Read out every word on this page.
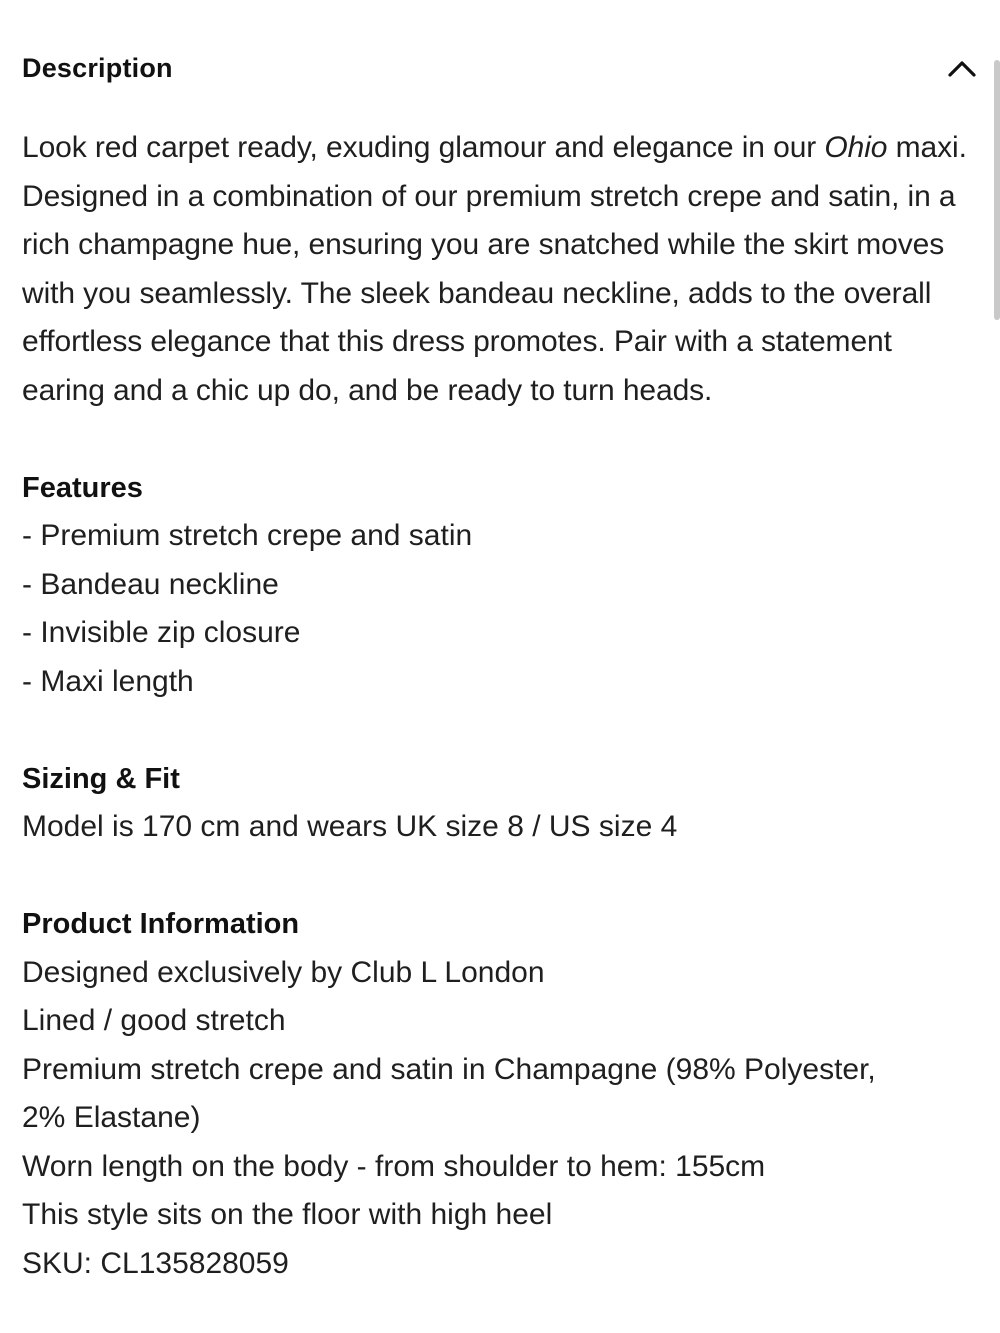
Description

Look red carpet ready, exuding glamour and elegance in our Ohio maxi. Designed in a combination of our premium stretch crepe and satin, in a rich champagne hue, ensuring you are snatched while the skirt moves with you seamlessly. The sleek bandeau neckline, adds to the overall effortless elegance that this dress promotes. Pair with a statement earing and a chic up do, and be ready to turn heads.

Features

- Premium stretch crepe and satin

- Bandeau neckline

- Invisible zip closure

- Maxi length

Sizing & Fit

Model is 170 cm and wears UK size 8 / US size 4

Product Information

Designed exclusively by Club L London

Lined / good stretch

Premium stretch crepe and satin in Champagne (98% Polyester, 2% Elastane)

Worn length on the body - from shoulder to hem: 155cm

This style sits on the floor with high heel

SKU: CL135828059
